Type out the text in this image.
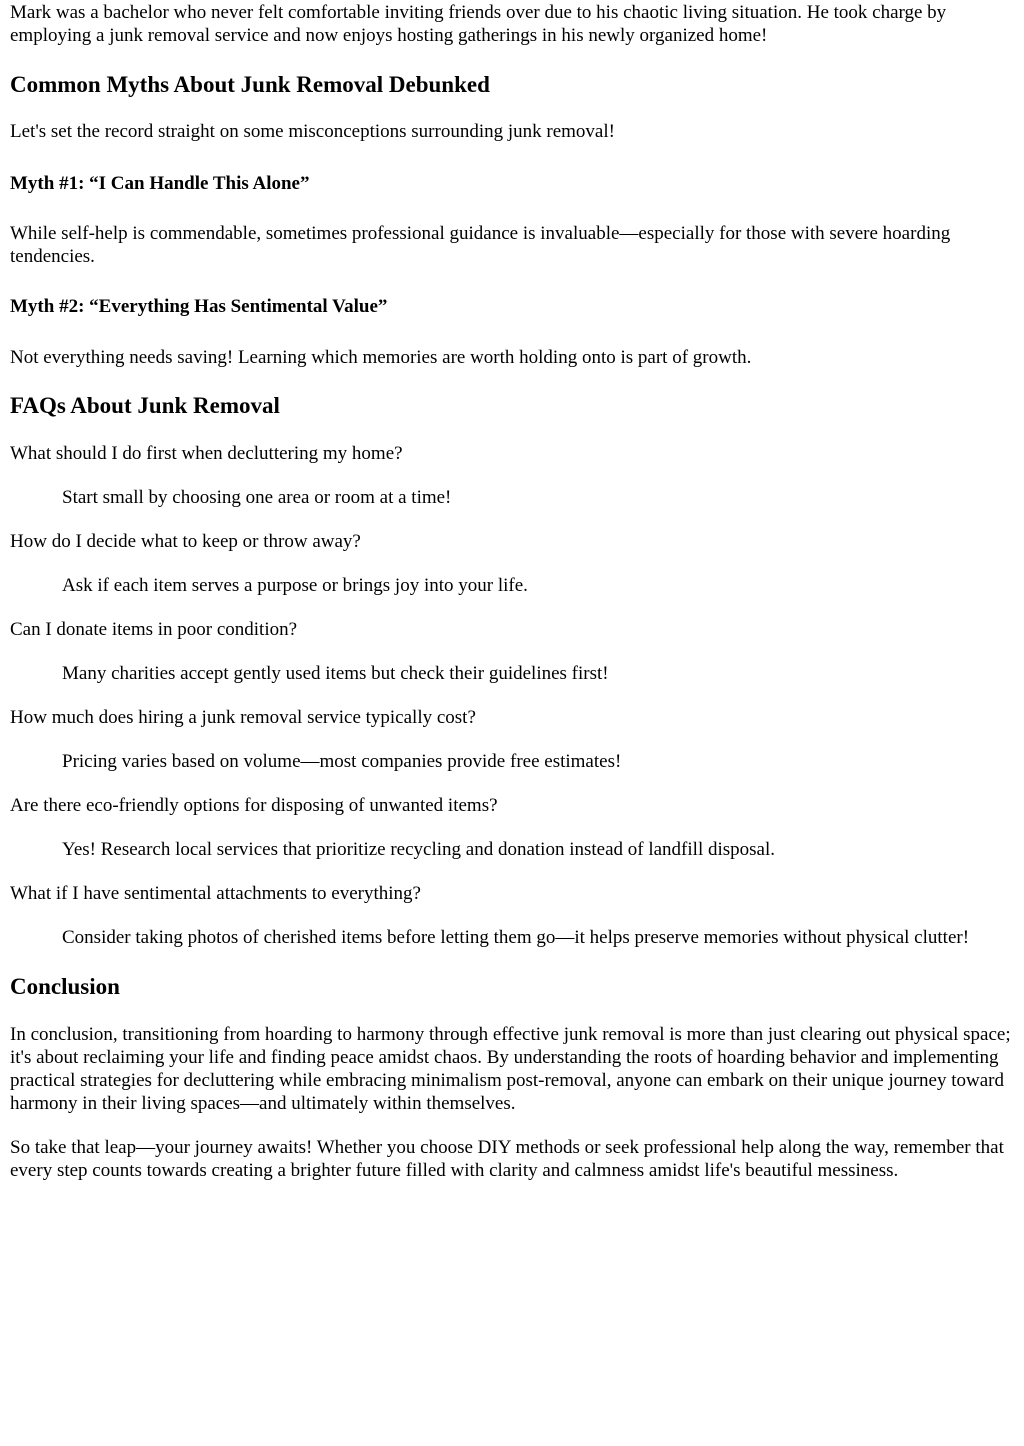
Mark was a bachelor who never felt comfortable inviting friends over due to his chaotic living situation. He took charge by employing a junk removal service and now enjoys hosting gatherings in his newly organized home!

Common Myths About Junk Removal Debunked

Let's set the record straight on some misconceptions surrounding junk removal!

Myth #1: “I Can Handle This Alone”

While self-help is commendable, sometimes professional guidance is invaluable—especially for those with severe hoarding tendencies.

Myth #2: “Everything Has Sentimental Value”

Not everything needs saving! Learning which memories are worth holding onto is part of growth.

FAQs About Junk Removal
What should I do first when decluttering my home?
Start small by choosing one area or room at a time!
How do I decide what to keep or throw away?
Ask if each item serves a purpose or brings joy into your life.
Can I donate items in poor condition?
Many charities accept gently used items but check their guidelines first!
How much does hiring a junk removal service typically cost?
Pricing varies based on volume—most companies provide free estimates!
Are there eco-friendly options for disposing of unwanted items?
Yes! Research local services that prioritize recycling and donation instead of landfill disposal.
What if I have sentimental attachments to everything?
Consider taking photos of cherished items before letting them go—it helps preserve memories without physical clutter!
Conclusion

In conclusion, transitioning from hoarding to harmony through effective junk removal is more than just clearing out physical space; it's about reclaiming your life and finding peace amidst chaos. By understanding the roots of hoarding behavior and implementing practical strategies for decluttering while embracing minimalism post-removal, anyone can embark on their unique journey toward harmony in their living spaces—and ultimately within themselves.

So take that leap—your journey awaits! Whether you choose DIY methods or seek professional help along the way, remember that every step counts towards creating a brighter future filled with clarity and calmness amidst life's beautiful messiness.
